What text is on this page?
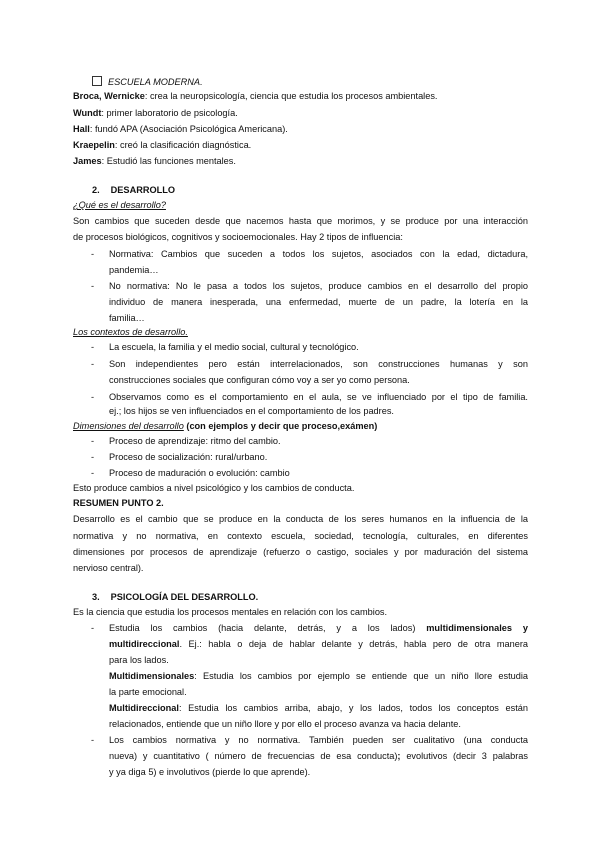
ESCUELA MODERNA.
Broca, Wernicke: crea la neuropsicología, ciencia que estudia los procesos ambientales.
Wundt: primer laboratorio de psicología.
Hall: fundó APA (Asociación Psicológica Americana).
Kraepelin: creó la clasificación diagnóstica.
James: Estudió las funciones mentales.
2. DESARROLLO
¿Qué es el desarrollo?
Son cambios que suceden desde que nacemos hasta que morimos, y se produce por una interacción
de procesos biológicos, cognitivos y socioemocionales. Hay 2 tipos de influencia:
- Normativa: Cambios que suceden a todos los sujetos, asociados con la edad, dictadura,
pandemia…
- No normativa: No le pasa a todos los sujetos, produce cambios en el desarrollo del propio
individuo de manera inesperada, una enfermedad, muerte de un padre, la lotería en la
familia…
Los contextos de desarrollo.
- La escuela, la familia y el medio social, cultural y tecnológico.
- Son independientes pero están interrelacionados, son construcciones humanas y son
construcciones sociales que configuran cómo voy a ser yo como persona.
- Observamos como es el comportamiento en el aula, se ve influenciado por el tipo de familia.
ej.; los hijos se ven influenciados en el comportamiento de los padres.
Dimensiones del desarrollo (con ejemplos y decir que proceso,exámen)
- Proceso de aprendizaje: ritmo del cambio.
- Proceso de socialización: rural/urbano.
- Proceso de maduración o evolución: cambio
Esto produce cambios a nivel psicológico y los cambios de conducta.
RESUMEN PUNTO 2.
Desarrollo es el cambio que se produce en la conducta de los seres humanos en la influencia de la
normativa y no normativa, en contexto escuela, sociedad, tecnología, culturales, en diferentes
dimensiones por procesos de aprendizaje (refuerzo o castigo, sociales y por maduración del sistema
nervioso central).
3. PSICOLOGÍA DEL DESARROLLO.
Es la ciencia que estudia los procesos mentales en relación con los cambios.
- Estudia los cambios (hacia delante, detrás, y a los lados) multidimensionales y
multidireccional. Ej.: habla o deja de hablar delante y detrás, habla pero de otra manera
para los lados.
Multidimensionales: Estudia los cambios por ejemplo se entiende que un niño llore estudia
la parte emocional.
Multidireccional: Estudia los cambios arriba, abajo, y los lados, todos los conceptos están
relacionados, entiende que un niño llore y por ello el proceso avanza va hacia delante.
- Los cambios normativa y no normativa. También pueden ser cualitativo (una conducta
nueva) y cuantitativo ( número de frecuencias de esa conducta); evolutivos (decir 3 palabras
y ya diga 5) e involutivos (pierde lo que aprende).
